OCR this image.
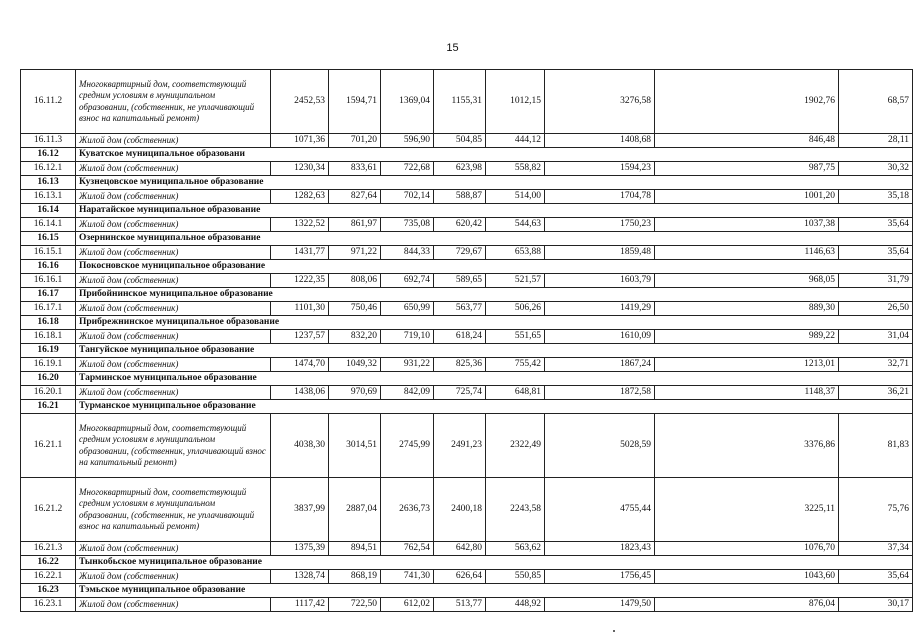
15
16.11.2	Многоквартирный дом, соответствующий средним условиям в муниципальном образовании, (собственник, не уплачивающий взнос на капитальный ремонт)	2452,53	1594,71	1369,04	1155,31	1012,15	3276,58	1902,76	68,57
16.11.3	Жилой дом (собственник)	1071,36	701,20	596,90	504,85	444,12	1408,68	846,48	28,11
16.12	Куватское муниципальное образовани								
16.12.1	Жилой дом (собственник)	1230,34	833,61	722,68	623,98	558,82	1594,23	987,75	30,32
16.13	Кузнецовское муниципальное образование								
16.13.1	Жилой дом (собственник)	1282,63	827,64	702,14	588,87	514,00	1704,78	1001,20	35,18
16.14	Наратайское муниципальное образование								
16.14.1	Жилой дом (собственник)	1322,52	861,97	735,08	620,42	544,63	1750,23	1037,38	35,64
16.15	Озернинское муниципальное образование								
16.15.1	Жилой дом (собственник)	1431,77	971,22	844,33	729,67	653,88	1859,48	1146,63	35,64
16.16	Покосновское муниципальное образование								
16.16.1	Жилой дом (собственник)	1222,35	808,06	692,74	589,65	521,57	1603,79	968,05	31,79
16.17	Прибойнинское муниципальное образование								
16.17.1	Жилой дом (собственник)	1101,30	750,46	650,99	563,77	506,26	1419,29	889,30	26,50
16.18	Прибрежнинское муниципальное образование								
16.18.1	Жилой дом (собственник)	1237,57	832,20	719,10	618,24	551,65	1610,09	989,22	31,04
16.19	Тангуйское муниципальное образование								
16.19.1	Жилой дом (собственник)	1474,70	1049,32	931,22	825,36	755,42	1867,24	1213,01	32,71
16.20	Тарминское муниципальное образование								
16.20.1	Жилой дом (собственник)	1438,06	970,69	842,09	725,74	648,81	1872,58	1148,37	36,21
16.21	Турманское муниципальное образование								
16.21.1	Многоквартирный дом, соответствующий средним условиям в муниципальном образовании, (собственник, уплачивающий взнос на капитальный ремонт)	4038,30	3014,51	2745,99	2491,23	2322,49	5028,59	3376,86	81,83
16.21.2	Многоквартирный дом, соответствующий средним условиям в муниципальном образовании, (собственник, не уплачивающий взнос на капитальный ремонт)	3837,99	2887,04	2636,73	2400,18	2243,58	4755,44	3225,11	75,76
16.21.3	Жилой дом (собственник)	1375,39	894,51	762,54	642,80	563,62	1823,43	1076,70	37,34
16.22	Тынкобьское муниципальное образование								
16.22.1	Жилой дом (собственник)	1328,74	868,19	741,30	626,64	550,85	1756,45	1043,60	35,64
16.23	Тэмьское муниципальное образование								
16.23.1	Жилой дом (собственник)	1117,42	722,50	612,02	513,77	448,92	1479,50	876,04	30,17
